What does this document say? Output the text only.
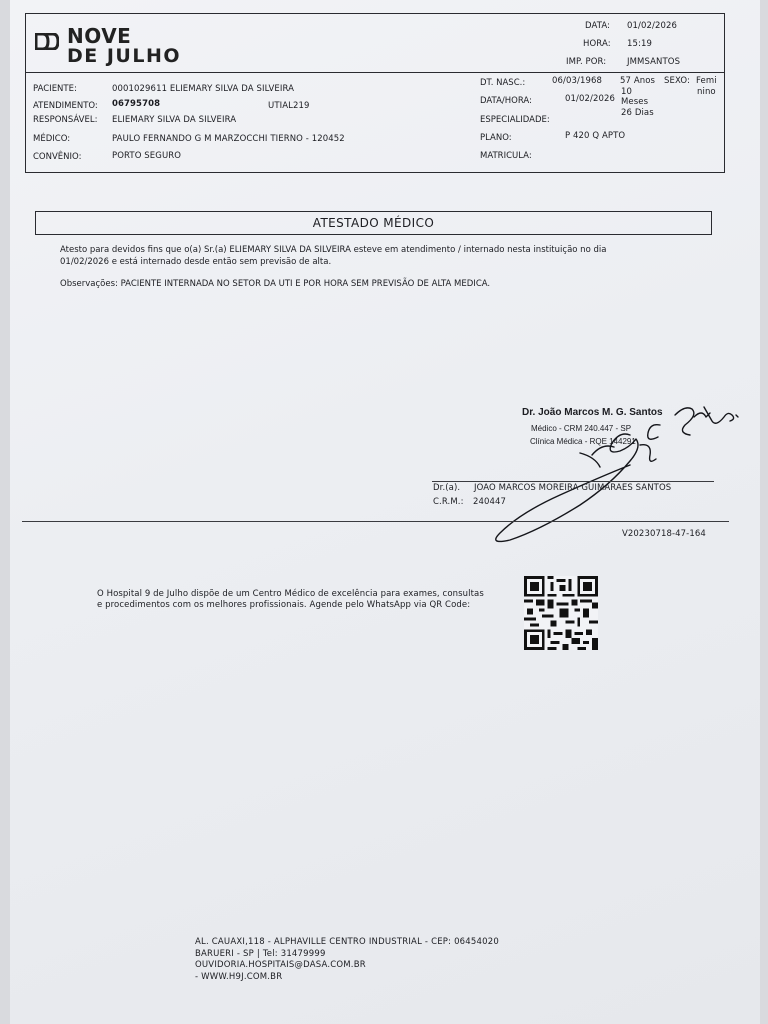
NOVE
DE JULHO
DATA: 01/02/2026
HORA: 15:19
IMP. POR: JMMSANTOS
PACIENTE:	0001029611 ELIEMARY SILVA DA SILVEIRA
ATENDIMENTO: 06795708	UTIAL219
RESPONSÁVEL: ELIEMARY SILVA DA SILVEIRA
MÉDICO:	PAULO FERNANDO G M MARZOCCHI TIERNO - 120452
CONVÊNIO:	PORTO SEGURO
DT. NASC.:	06/03/1968 57 Anos
10
Meses
26 Dias
SEXO: Femi
nino
DATA/HORA:	01/02/2026
ESPECIALIDADE:
PLANO:	P 420 Q APTO
MATRICULA:
ATESTADO MÉDICO
Atesto para devidos fins que o(a) Sr.(a) ELIEMARY SILVA DA SILVEIRA esteve em atendimento / internado nesta instituição no dia
01/02/2026 e está internado desde então sem previsão de alta.
Observações: PACIENTE INTERNADA NO SETOR DA UTI E POR HORA SEM PREVISÃO DE ALTA MEDICA.
Dr. João Marcos M. G. Santos
Médico - CRM 240.447 - SP
Clínica Médica - RQE 144291
Dr.(a). JOAO MARCOS MOREIRA GUIMARAES SANTOS
C.R.M.: 240447
V20230718-47-164
O Hospital 9 de Julho dispõe de um Centro Médico de excelência para exames, consultas
e procedimentos com os melhores profissionais. Agende pelo WhatsApp via QR Code:
AL. CAUAXI,118 - ALPHAVILLE CENTRO INDUSTRIAL - CEP: 06454020
BARUERI - SP | Tel: 31479999
OUVIDORIA.HOSPITAIS@DASA.COM.BR
- WWW.H9J.COM.BR
